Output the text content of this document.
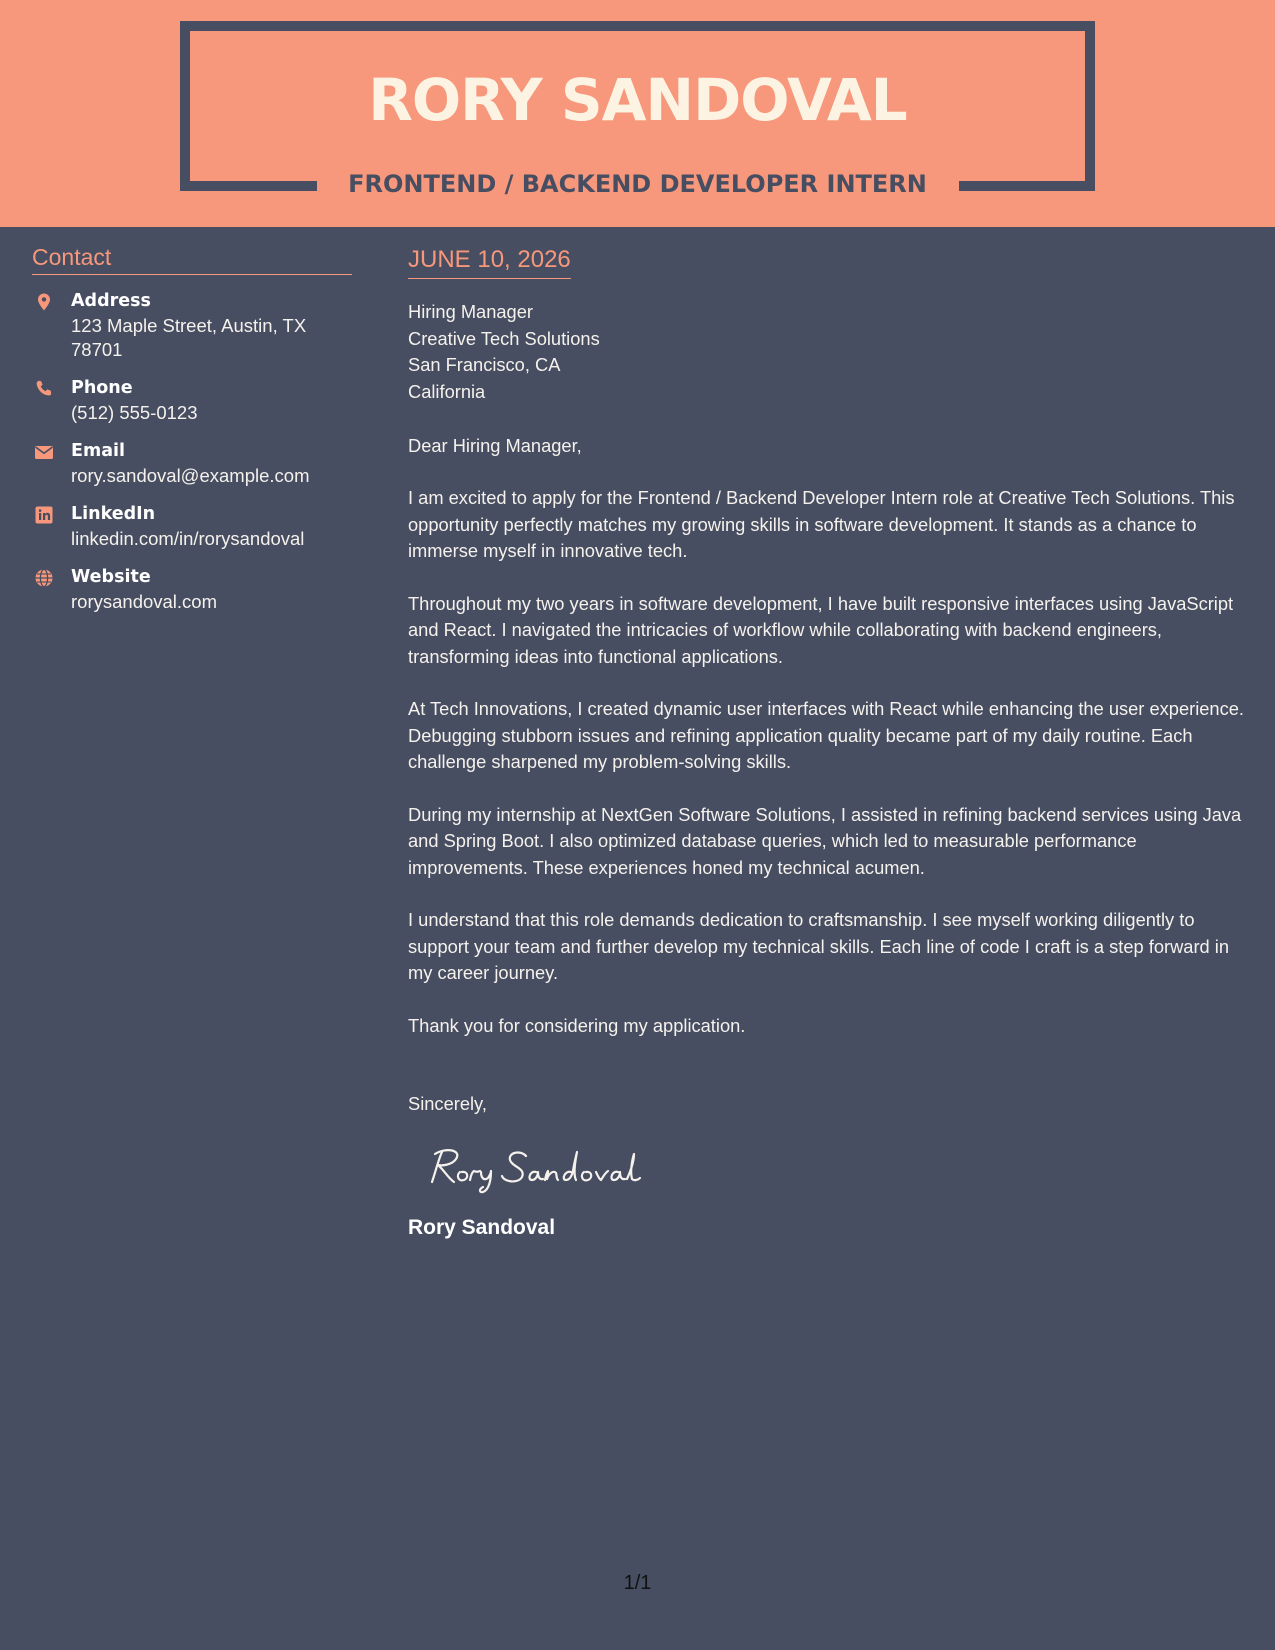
RORY SANDOVAL
FRONTEND / BACKEND DEVELOPER INTERN
Contact
Address
123 Maple Street, Austin, TX 78701
Phone
(512) 555-0123
Email
rory.sandoval@example.com
LinkedIn
linkedin.com/in/rorysandoval
Website
rorysandoval.com
JUNE 10, 2026
Hiring Manager
Creative Tech Solutions
San Francisco, CA
California
Dear Hiring Manager,

I am excited to apply for the Frontend / Backend Developer Intern role at Creative Tech Solutions. This opportunity perfectly matches my growing skills in software development. It stands as a chance to immerse myself in innovative tech.

Throughout my two years in software development, I have built responsive interfaces using JavaScript and React. I navigated the intricacies of workflow while collaborating with backend engineers, transforming ideas into functional applications.

At Tech Innovations, I created dynamic user interfaces with React while enhancing the user experience. Debugging stubborn issues and refining application quality became part of my daily routine. Each challenge sharpened my problem-solving skills.

During my internship at NextGen Software Solutions, I assisted in refining backend services using Java and Spring Boot. I also optimized database queries, which led to measurable performance improvements. These experiences honed my technical acumen.

I understand that this role demands dedication to craftsmanship. I see myself working diligently to support your team and further develop my technical skills. Each line of code I craft is a step forward in my career journey.

Thank you for considering my application.

Sincerely,
Rory Sandoval
1/1
